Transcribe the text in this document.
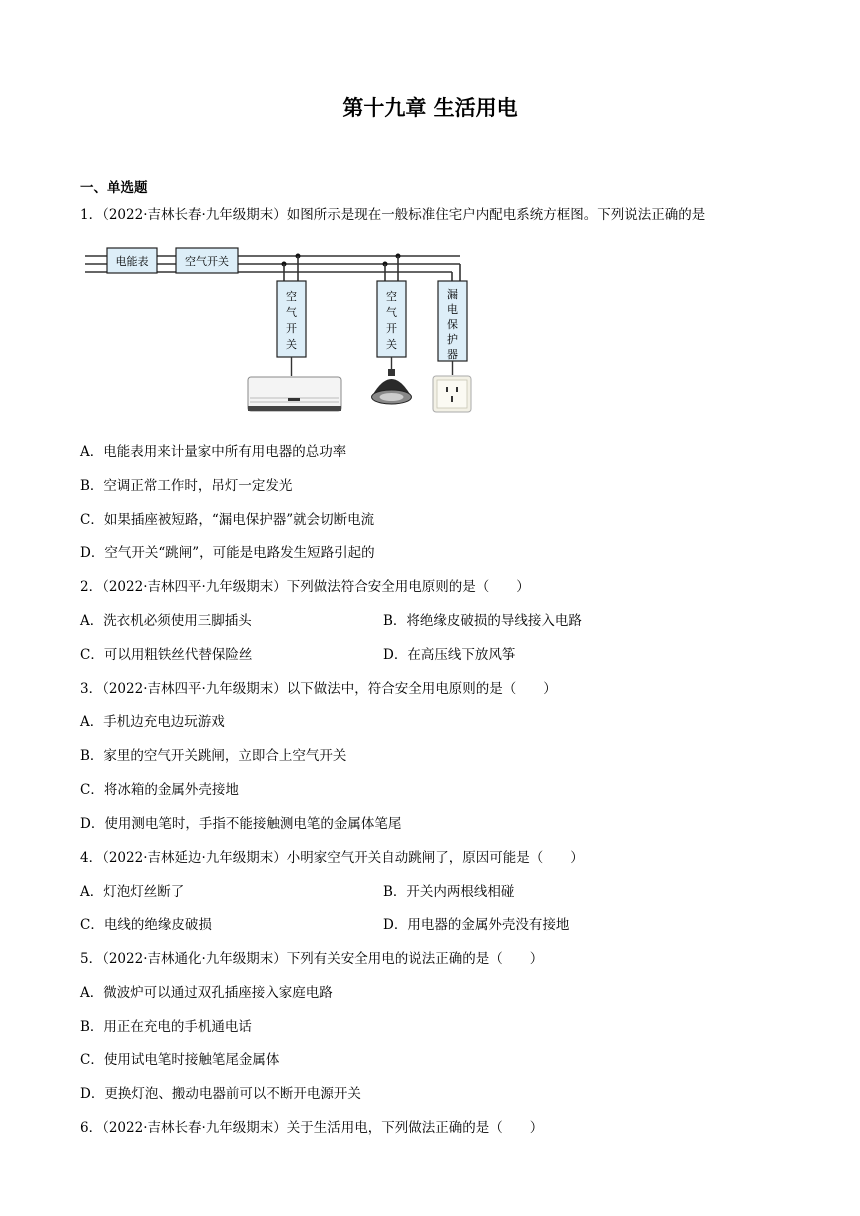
第十九章 生活用电
一、单选题
1．（2022·吉林长春·九年级期末）如图所示是现在一般标准住宅户内配电系统方框图。下列说法正确的是
电能表	空气开关
空气开关
空气开关
漏电保护器
A．电能表用来计量家中所有用电器的总功率
B．空调正常工作时，吊灯一定发光
C．如果插座被短路，“漏电保护器”就会切断电流
D．空气开关“跳闸”，可能是电路发生短路引起的
2．（2022·吉林四平·九年级期末）下列做法符合安全用电原则的是（　　）
A．洗衣机必须使用三脚插头	B．将绝缘皮破损的导线接入电路
C．可以用粗铁丝代替保险丝	D．在高压线下放风筝
3．（2022·吉林四平·九年级期末）以下做法中，符合安全用电原则的是（　　）
A．手机边充电边玩游戏
B．家里的空气开关跳闸，立即合上空气开关
C．将冰箱的金属外壳接地
D．使用测电笔时，手指不能接触测电笔的金属体笔尾
4．（2022·吉林延边·九年级期末）小明家空气开关自动跳闸了，原因可能是（　　）
A．灯泡灯丝断了	B．开关内两根线相碰
C．电线的绝缘皮破损	D．用电器的金属外壳没有接地
5．（2022·吉林通化·九年级期末）下列有关安全用电的说法正确的是（　　）
A．微波炉可以通过双孔插座接入家庭电路
B．用正在充电的手机通电话
C．使用试电笔时接触笔尾金属体
D．更换灯泡、搬动电器前可以不断开电源开关
6．（2022·吉林长春·九年级期末）关于生活用电，下列做法正确的是（　　）
